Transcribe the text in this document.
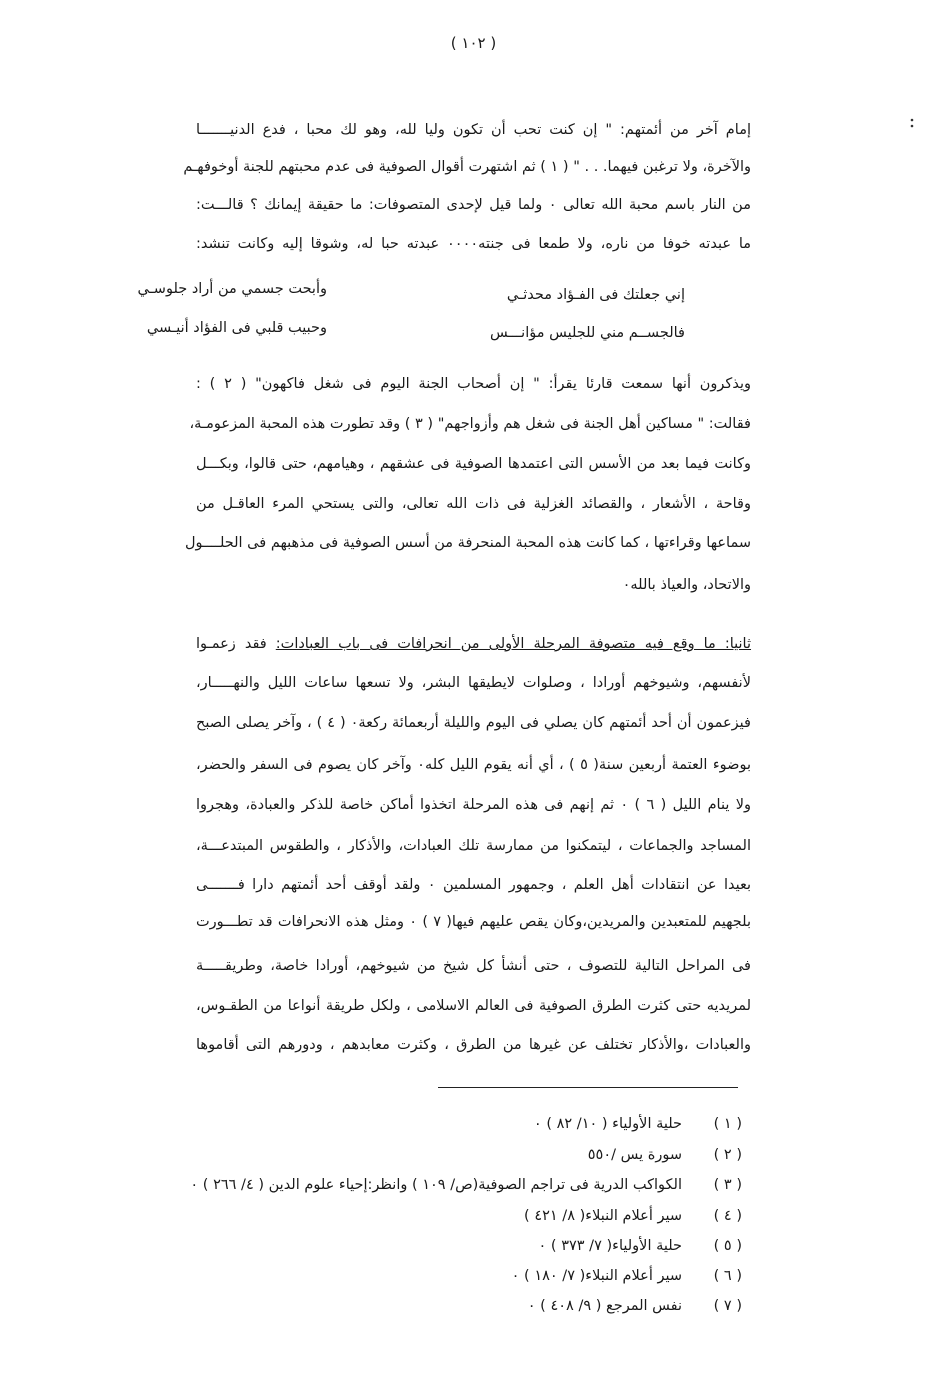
( ١٠٢ )
إمام آخر من أئمتهم: " إن كنت تحب أن تكون وليا لله، وهو لك محبا ، فدع الدنيـــــــا
والآخرة، ولا ترغبن فيهما. . . " ( ١ ) ثم اشتهرت أقوال الصوفية فى عدم محبتهم للجنة أوخوفهـم
من النار باسم محبة الله تعالى ٠ ولما قيل لإحدى المتصوفات: ما حقيقة إيمانك ؟ قالـــت:
ما عبدته خوفا من ناره، ولا طمعا فى جنته٠٠٠٠ عبدته حبا له، وشوقا إليه وكانت تنشد:
إني جعلتك فى الفـؤاد محدثـي
وأبحت جسمي من أراد جلوسـي
فالجســم مني للجليس مؤانـــس
وحبيب قلبي فى الفؤاد أنيـسي
ويذكرون أنها سمعت قارئا يقرأ: " إن أصحاب الجنة اليوم فى شغل فاكهون" ( ٢ ) :
فقالت: " مساكين أهل الجنة فى شغل هم وأزواجهم" ( ٣ ) وقد تطورت هذه المحبة المزعومـة،
وكانت فيما بعد من الأسس التى اعتمدها الصوفية فى عشقهم ، وهيامهم، حتى قالوا، وبكـــل
وقاحة ، الأشعار ، والقصائد الغزلية فى ذات الله تعالى، والتى يستحي المرء العاقـل من
سماعها وقراءتها ، كما كانت هذه المحبة المنحرفة من أسس الصوفية فى مذهبهم فى الحلــــول
والاتحاد، والعياذ بالله٠
ثانيا: ما وقع فيه متصوفة المرحلة الأولى من انحرافات فى باب العبادات: فقد زعمـوا
لأنفسهم، وشيوخهم أورادا ، وصلوات لايطيقها البشر، ولا تسعها ساعات الليل والنهـــــار،
فيزعمون أن أحد أئمتهم كان يصلي فى اليوم والليلة أربعمائة ركعة٠ ( ٤ ) ، وآخر يصلى الصبح
بوضوء العتمة أربعين سنة( ٥ ) ، أي أنه يقوم الليل كله٠ وآخر كان يصوم فى السفر والحضر،
ولا ينام الليل ( ٦ ) ٠ ثم إنهم فى هذه المرحلة اتخذوا أماكن خاصة للذكر والعبادة، وهجروا
المساجد والجماعات ، ليتمكنوا من ممارسة تلك العبادات، والأذكار ، والطقوس المبتدعـــة،
بعيدا عن انتقادات أهل العلم ، وجمهور المسلمين ٠ ولقد أوقف أحد أئمتهم دارا فـــــــى
بلجهيم للمتعبدين والمريدين،وكان يقص عليهم فيها( ٧ ) ٠ ومثل هذه الانحرافات قد تطـــورت
فى المراحل التالية للتصوف ، حتى أنشأ كل شيخ من شيوخهم، أورادا خاصة، وطريقـــــة
لمريديه حتى كثرت الطرق الصوفية فى العالم الاسلامى ، ولكل طريقة أنواعا من الطقـوس،
والعبادات ،والأذكار تختلف عن غيرها من الطرق ، وكثرت معابدهم ، ودورهم التى أقاموها
( ١ )حلية الأولياء ( ١٠/ ٨٢ ) ٠
( ٢ )سورة يس /٥٥٠
( ٣ )الكواكب الدرية فى تراجم الصوفية(ص/ ١٠٩ ) وانظر:إحياء علوم الدين ( ٤/ ٢٦٦ ) ٠
( ٤ )سير أعلام النبلاء( ٨/ ٤٢١ )
( ٥ )حلية الأولياء( ٧/ ٣٧٣ ) ٠
( ٦ )سير أعلام النبلاء( ٧/ ١٨٠ ) ٠
( ٧ )نفس المرجع ( ٩/ ٤٠٨ ) ٠
